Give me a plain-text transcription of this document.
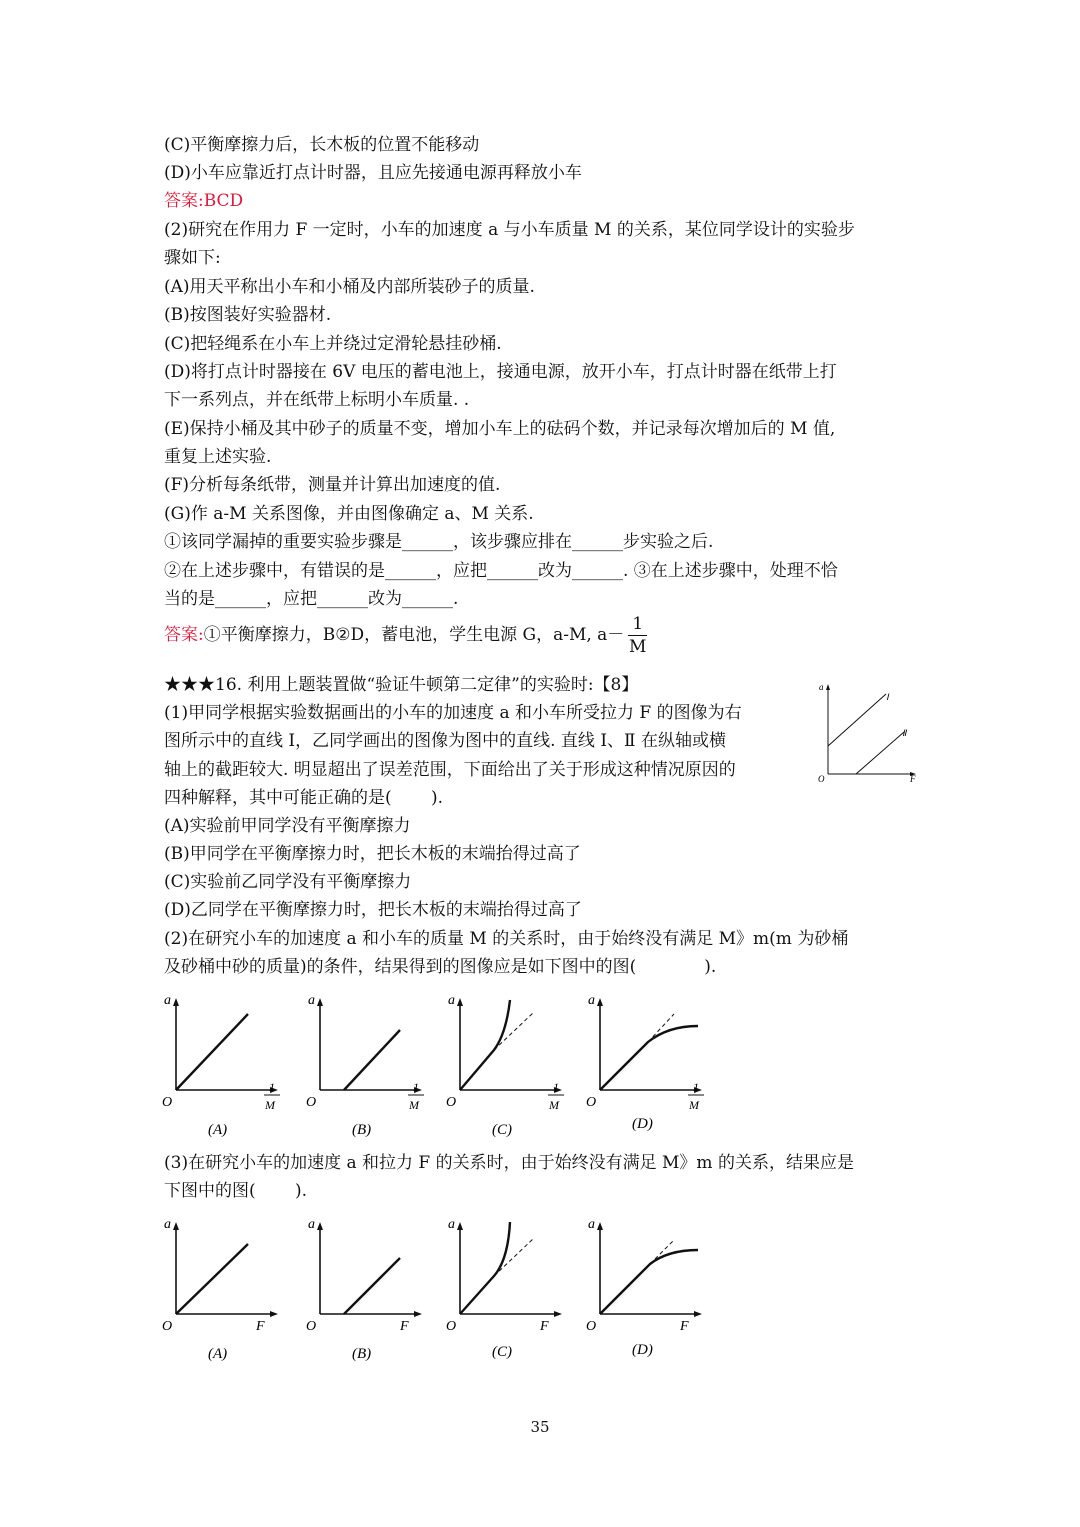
(C)平衡摩擦力后，长木板的位置不能移动
(D)小车应靠近打点计时器，且应先接通电源再释放小车
答案:BCD
(2)研究在作用力 F 一定时，小车的加速度 a 与小车质量 M 的关系，某位同学设计的实验步
骤如下:
(A)用天平称出小车和小桶及内部所装砂子的质量.
(B)按图装好实验器材.
(C)把轻绳系在小车上并绕过定滑轮悬挂砂桶.
(D)将打点计时器接在 6V 电压的蓄电池上，接通电源，放开小车，打点计时器在纸带上打
下一系列点，并在纸带上标明小车质量. .
(E)保持小桶及其中砂子的质量不变，增加小车上的砝码个数，并记录每次增加后的 M 值,
重复上述实验.
(F)分析每条纸带，测量并计算出加速度的值.
(G)作 a-M 关系图像，并由图像确定 a、M 关系.
①该同学漏掉的重要实验步骤是______，该步骤应排在______步实验之后.
②在上述步骤中，有错误的是______，应把______改为______. ③在上述步骤中，处理不恰
当的是______，应把______改为______.
答案:①平衡摩擦力，B②D，蓄电池，学生电源 G，a-M, $a- \frac{1}{M}$
★★★16. 利用上题装置做“验证牛顿第二定律”的实验时:【8】
(1)甲同学根据实验数据画出的小车的加速度 a 和小车所受拉力 F 的图像为右
图所示中的直线 Ⅰ，乙同学画出的图像为图中的直线. 直线 Ⅰ、Ⅱ 在纵轴或横
轴上的截距较大. 明显超出了误差范围，下面给出了关于形成这种情况原因的
四种解释，其中可能正确的是(　　 ).
(A)实验前甲同学没有平衡摩擦力
(B)甲同学在平衡摩擦力时，把长木板的末端抬得过高了
(C)实验前乙同学没有平衡摩擦力
(D)乙同学在平衡摩擦力时，把长木板的末端抬得过高了
(2)在研究小车的加速度 a 和小车的质量 M 的关系时，由于始终没有满足 M》m(m 为砂桶
及砂桶中砂的质量)的条件，结果得到的图像应是如下图中的图(　　　　).
a
O	F
Ⅰ
Ⅱ
a
O
1
M
(A)
a
O
1
M
(B)
a
O
1
M
(C)
a
O
1
M
(D)
(3)在研究小车的加速度 a 和拉力 F 的关系时，由于始终没有满足 M》m 的关系，结果应是
下图中的图(　　 ).
a
O	F
(A)
a
O	F
(B)
a
O	F
(C)
a
O	F
(D)
35
